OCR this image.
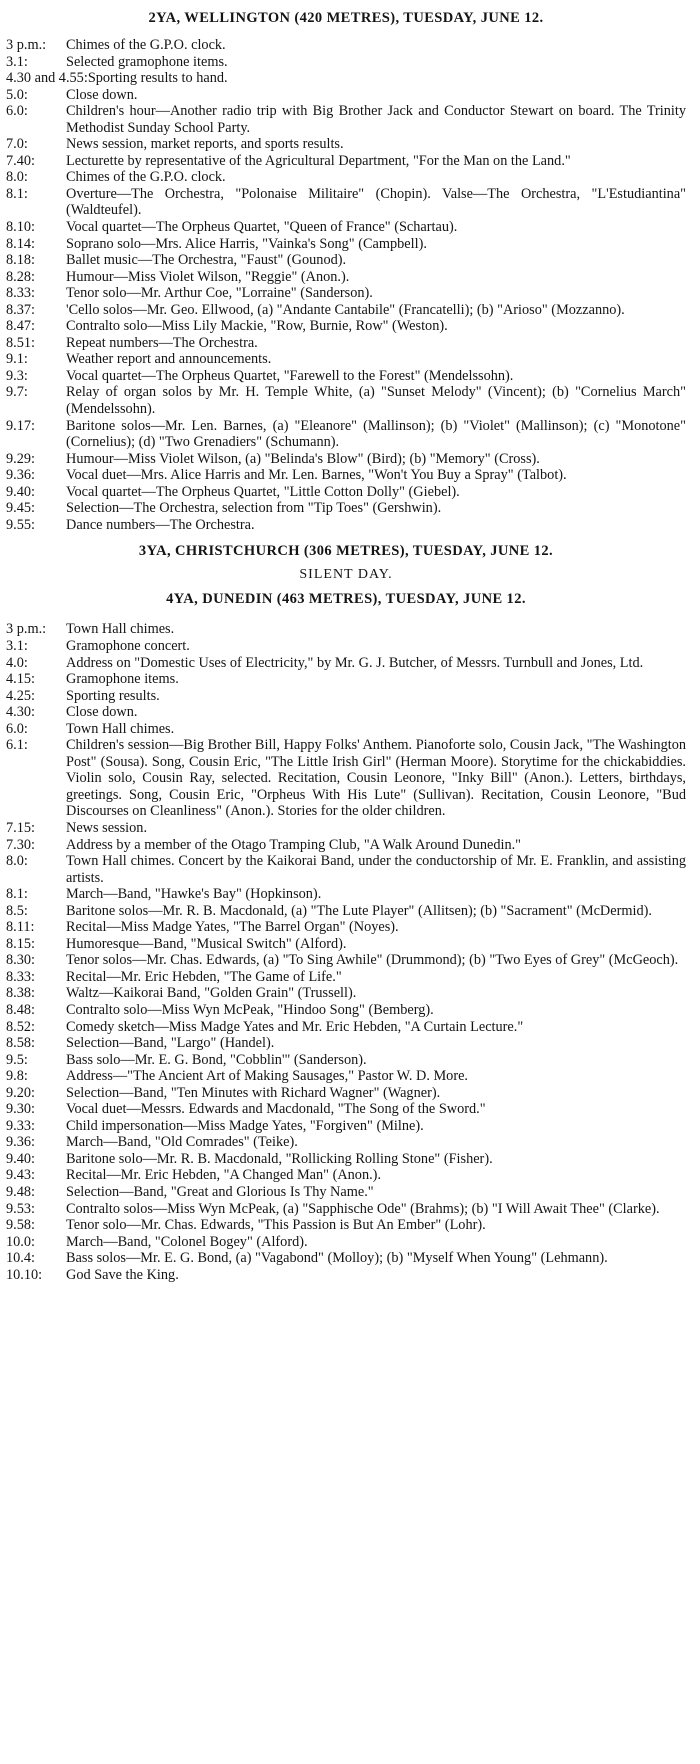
2YA, WELLINGTON (420 METRES), TUESDAY, JUNE 12.
3 p.m.:	Chimes of the G.P.O. clock.
3.1:	Selected gramophone items.
4.30 and 4.55: Sporting results to hand.
5.0:	Close down.
6.0:	Children's hour—Another radio trip with Big Brother Jack and Conductor Stewart on board. The Trinity Methodist Sunday School Party.
7.0:	News session, market reports, and sports results.
7.40:	Lecturette by representative of the Agricultural Department, "For the Man on the Land."
8.0:	Chimes of the G.P.O. clock.
8.1:	Overture—The Orchestra, "Polonaise Militaire" (Chopin). Valse—The Orchestra, "L'Estudiantina" (Waldteufel).
8.10:	Vocal quartet—The Orpheus Quartet, "Queen of France" (Schartau).
8.14:	Soprano solo—Mrs. Alice Harris, "Vainka's Song" (Campbell).
8.18:	Ballet music—The Orchestra, "Faust" (Gounod).
8.28:	Humour—Miss Violet Wilson, "Reggie" (Anon.).
8.33:	Tenor solo—Mr. Arthur Coe, "Lorraine" (Sanderson).
8.37:	'Cello solos—Mr. Geo. Ellwood, (a) "Andante Cantabile" (Francatelli); (b) "Arioso" (Mozzanno).
8.47:	Contralto solo—Miss Lily Mackie, "Row, Burnie, Row" (Weston).
8.51:	Repeat numbers—The Orchestra.
9.1:	Weather report and announcements.
9.3:	Vocal quartet—The Orpheus Quartet, "Farewell to the Forest" (Mendelssohn).
9.7:	Relay of organ solos by Mr. H. Temple White, (a) "Sunset Melody" (Vincent); (b) "Cornelius March" (Mendelssohn).
9.17:	Baritone solos—Mr. Len. Barnes, (a) "Eleanore" (Mallinson); (b) "Violet" (Mallinson); (c) "Monotone" (Cornelius); (d) "Two Grenadiers" (Schumann).
9.29:	Humour—Miss Violet Wilson, (a) "Belinda's Blow" (Bird); (b) "Memory" (Cross).
9.36:	Vocal duet—Mrs. Alice Harris and Mr. Len. Barnes, "Won't You Buy a Spray" (Talbot).
9.40:	Vocal quartet—The Orpheus Quartet, "Little Cotton Dolly" (Giebel).
9.45:	Selection—The Orchestra, selection from "Tip Toes" (Gershwin).
9.55:	Dance numbers—The Orchestra.
3YA, CHRISTCHURCH (306 METRES), TUESDAY, JUNE 12.
SILENT DAY.
4YA, DUNEDIN (463 METRES), TUESDAY, JUNE 12.
3 p.m.:	Town Hall chimes.
3.1:	Gramophone concert.
4.0:	Address on "Domestic Uses of Electricity," by Mr. G. J. Butcher, of Messrs. Turnbull and Jones, Ltd.
4.15:	Gramophone items.
4.25:	Sporting results.
4.30:	Close down.
6.0:	Town Hall chimes.
6.1:	Children's session—Big Brother Bill, Happy Folks' Anthem. Pianoforte solo, Cousin Jack, "The Washington Post" (Sousa). Song, Cousin Eric, "The Little Irish Girl" (Herman Moore). Storytime for the chickabiddies. Violin solo, Cousin Ray, selected. Recitation, Cousin Leonore, "Inky Bill" (Anon.). Letters, birthdays, greetings. Song, Cousin Eric, "Orpheus With His Lute" (Sullivan). Recitation, Cousin Leonore, "Bud Discourses on Cleanliness" (Anon.). Stories for the older children.
7.15:	News session.
7.30:	Address by a member of the Otago Tramping Club, "A Walk Around Dunedin."
8.0:	Town Hall chimes. Concert by the Kaikorai Band, under the conductorship of Mr. E. Franklin, and assisting artists.
8.1:	March—Band, "Hawke's Bay" (Hopkinson).
8.5:	Baritone solos—Mr. R. B. Macdonald, (a) "The Lute Player" (Allitsen); (b) "Sacrament" (McDermid).
8.11:	Recital—Miss Madge Yates, "The Barrel Organ" (Noyes).
8.15:	Humoresque—Band, "Musical Switch" (Alford).
8.30:	Tenor solos—Mr. Chas. Edwards, (a) "To Sing Awhile" (Drummond); (b) "Two Eyes of Grey" (McGeoch).
8.33:	Recital—Mr. Eric Hebden, "The Game of Life."
8.38:	Waltz—Kaikorai Band, "Golden Grain" (Trussell).
8.48:	Contralto solo—Miss Wyn McPeak, "Hindoo Song" (Bemberg).
8.52:	Comedy sketch—Miss Madge Yates and Mr. Eric Hebden, "A Curtain Lecture."
8.58:	Selection—Band, "Largo" (Handel).
9.5:	Bass solo—Mr. E. G. Bond, "Cobblin'" (Sanderson).
9.8:	Address—"The Ancient Art of Making Sausages," Pastor W. D. More.
9.20:	Selection—Band, "Ten Minutes with Richard Wagner" (Wagner).
9.30:	Vocal duet—Messrs. Edwards and Macdonald, "The Song of the Sword."
9.33:	Child impersonation—Miss Madge Yates, "Forgiven" (Milne).
9.36:	March—Band, "Old Comrades" (Teike).
9.40:	Baritone solo—Mr. R. B. Macdonald, "Rollicking Rolling Stone" (Fisher).
9.43:	Recital—Mr. Eric Hebden, "A Changed Man" (Anon.).
9.48:	Selection—Band, "Great and Glorious Is Thy Name."
9.53:	Contralto solos—Miss Wyn McPeak, (a) "Sapphische Ode" (Brahms); (b) "I Will Await Thee" (Clarke).
9.58:	Tenor solo—Mr. Chas. Edwards, "This Passion is But An Ember" (Lohr).
10.0:	March—Band, "Colonel Bogey" (Alford).
10.4:	Bass solos—Mr. E. G. Bond, (a) "Vagabond" (Molloy); (b) "Myself When Young" (Lehmann).
10.10:	God Save the King.
